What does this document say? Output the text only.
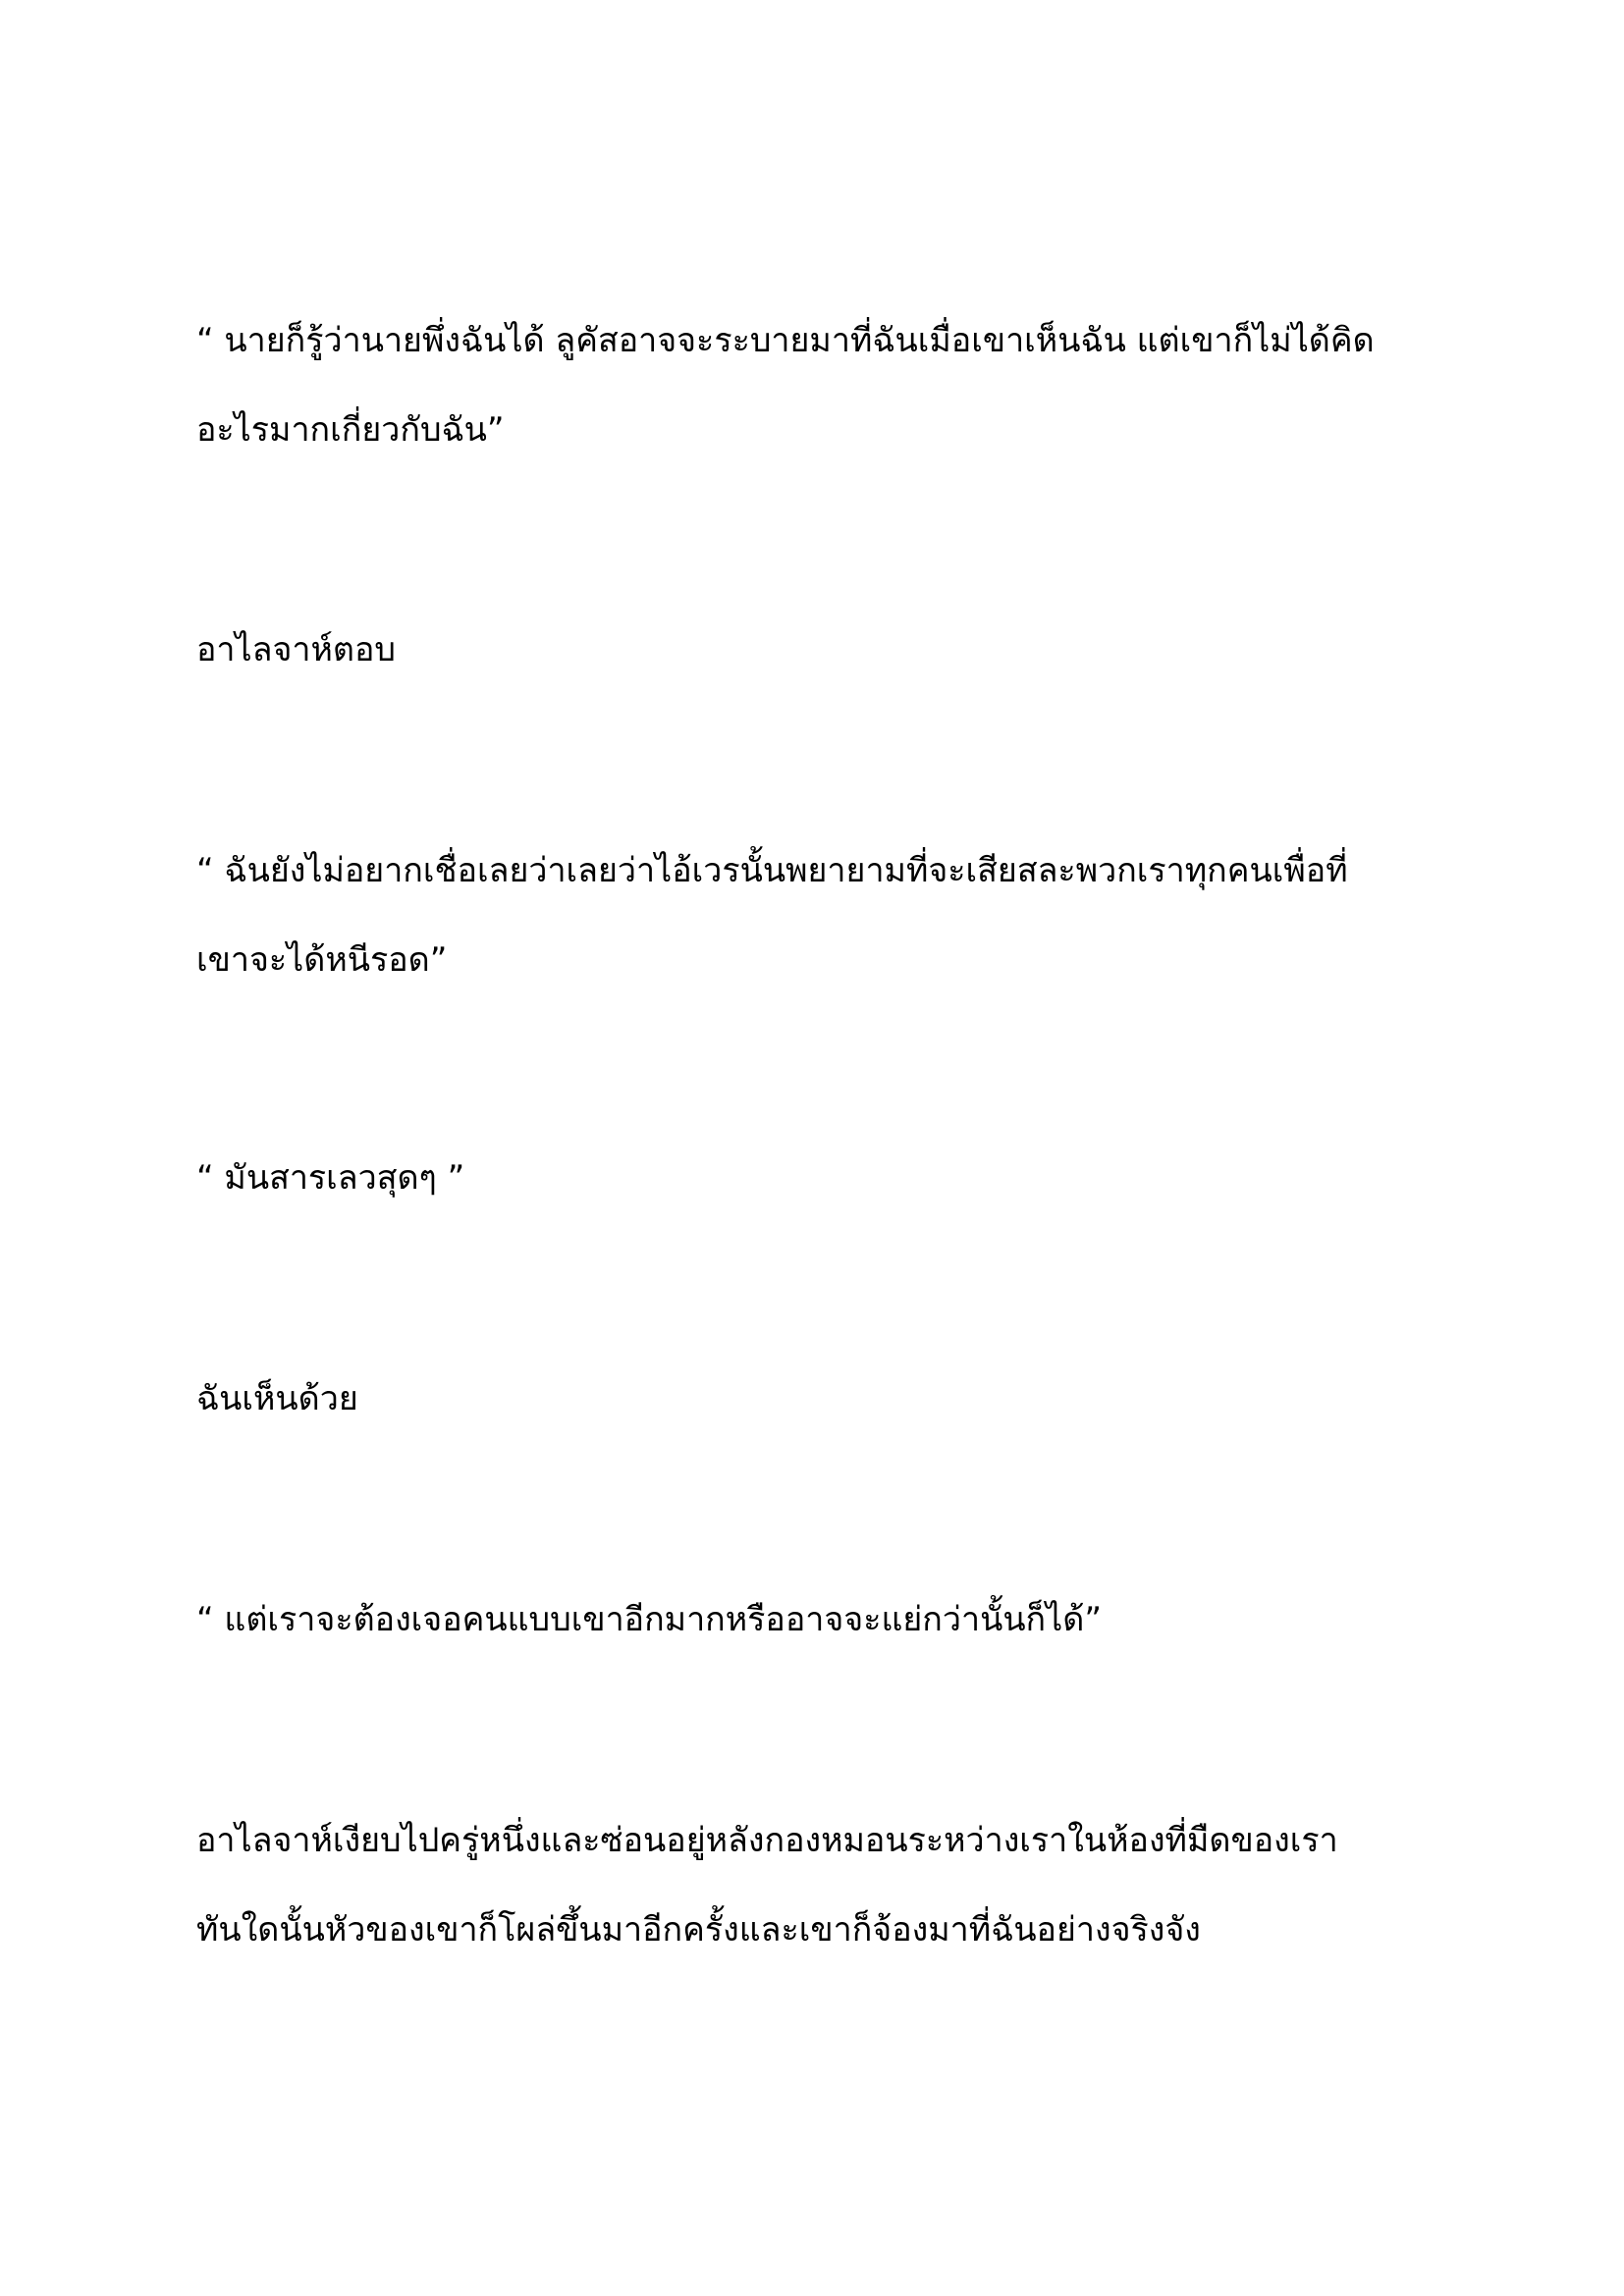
“ นายก็รู้ว่านายพึ่งฉันได้ ลูคัสอาจจะระบายมาที่ฉันเมื่อเขาเห็นฉัน แต่เขาก็ไม่ได้คิด
อะไรมากเกี่ยวกับฉัน”

อาไลจาห์ตอบ

“ ฉันยังไม่อยากเชื่อเลยว่าเลยว่าไอ้เวรนั้นพยายามที่จะเสียสละพวกเราทุกคนเพื่อที่
เขาจะได้หนีรอด”

“ มันสารเลวสุดๆ ”

ฉันเห็นด้วย

“ แต่เราจะต้องเจอคนแบบเขาอีกมากหรืออาจจะแย่กว่านั้นก็ได้”

อาไลจาห์เงียบไปครู่หนึ่งและซ่อนอยู่หลังกองหมอนระหว่างเราในห้องที่มืดของเรา
ทันใดนั้นหัวของเขาก็โผล่ขึ้นมาอีกครั้งและเขาก็จ้องมาที่ฉันอย่างจริงจัง
